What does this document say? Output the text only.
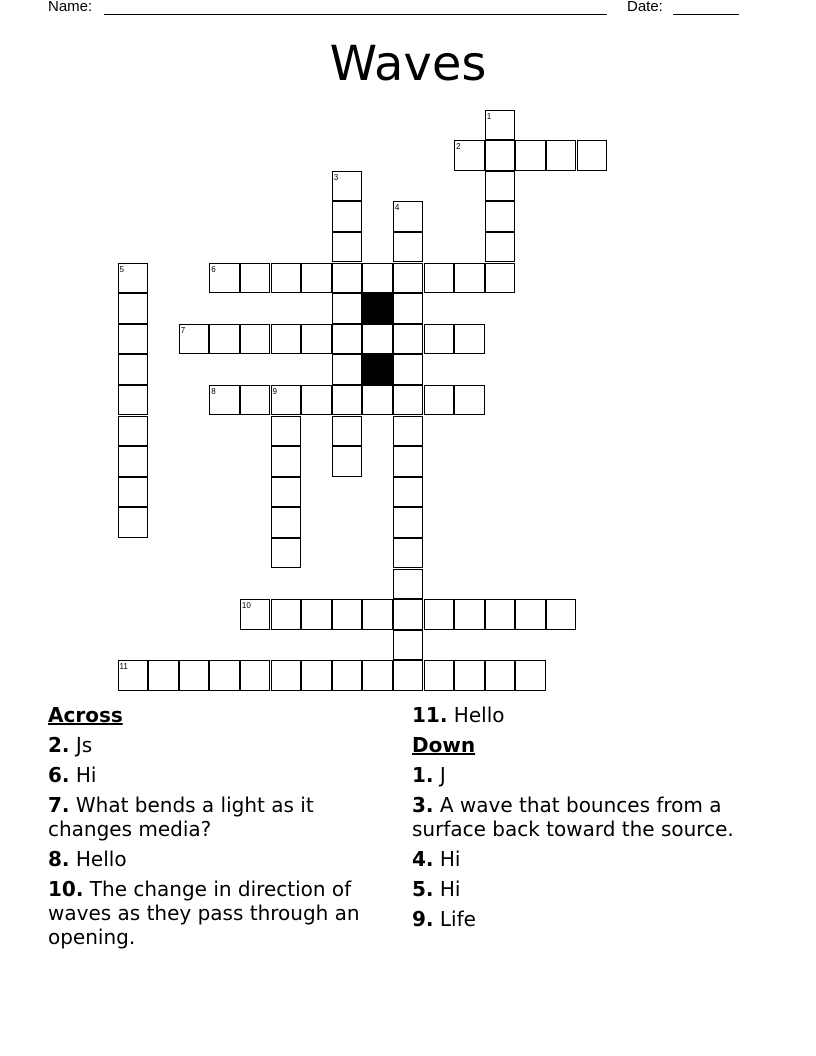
Name:	Date:
Waves
1
2
3
4
5	6
7
8	9
10
11
Across
2. Js
6. Hi
7. What bends a light as it changes media?
8. Hello
10. The change in direction of waves as they pass through an opening.
11. Hello
Down
1. J
3. A wave that bounces from a surface back toward the source.
4. Hi
5. Hi
9. Life
